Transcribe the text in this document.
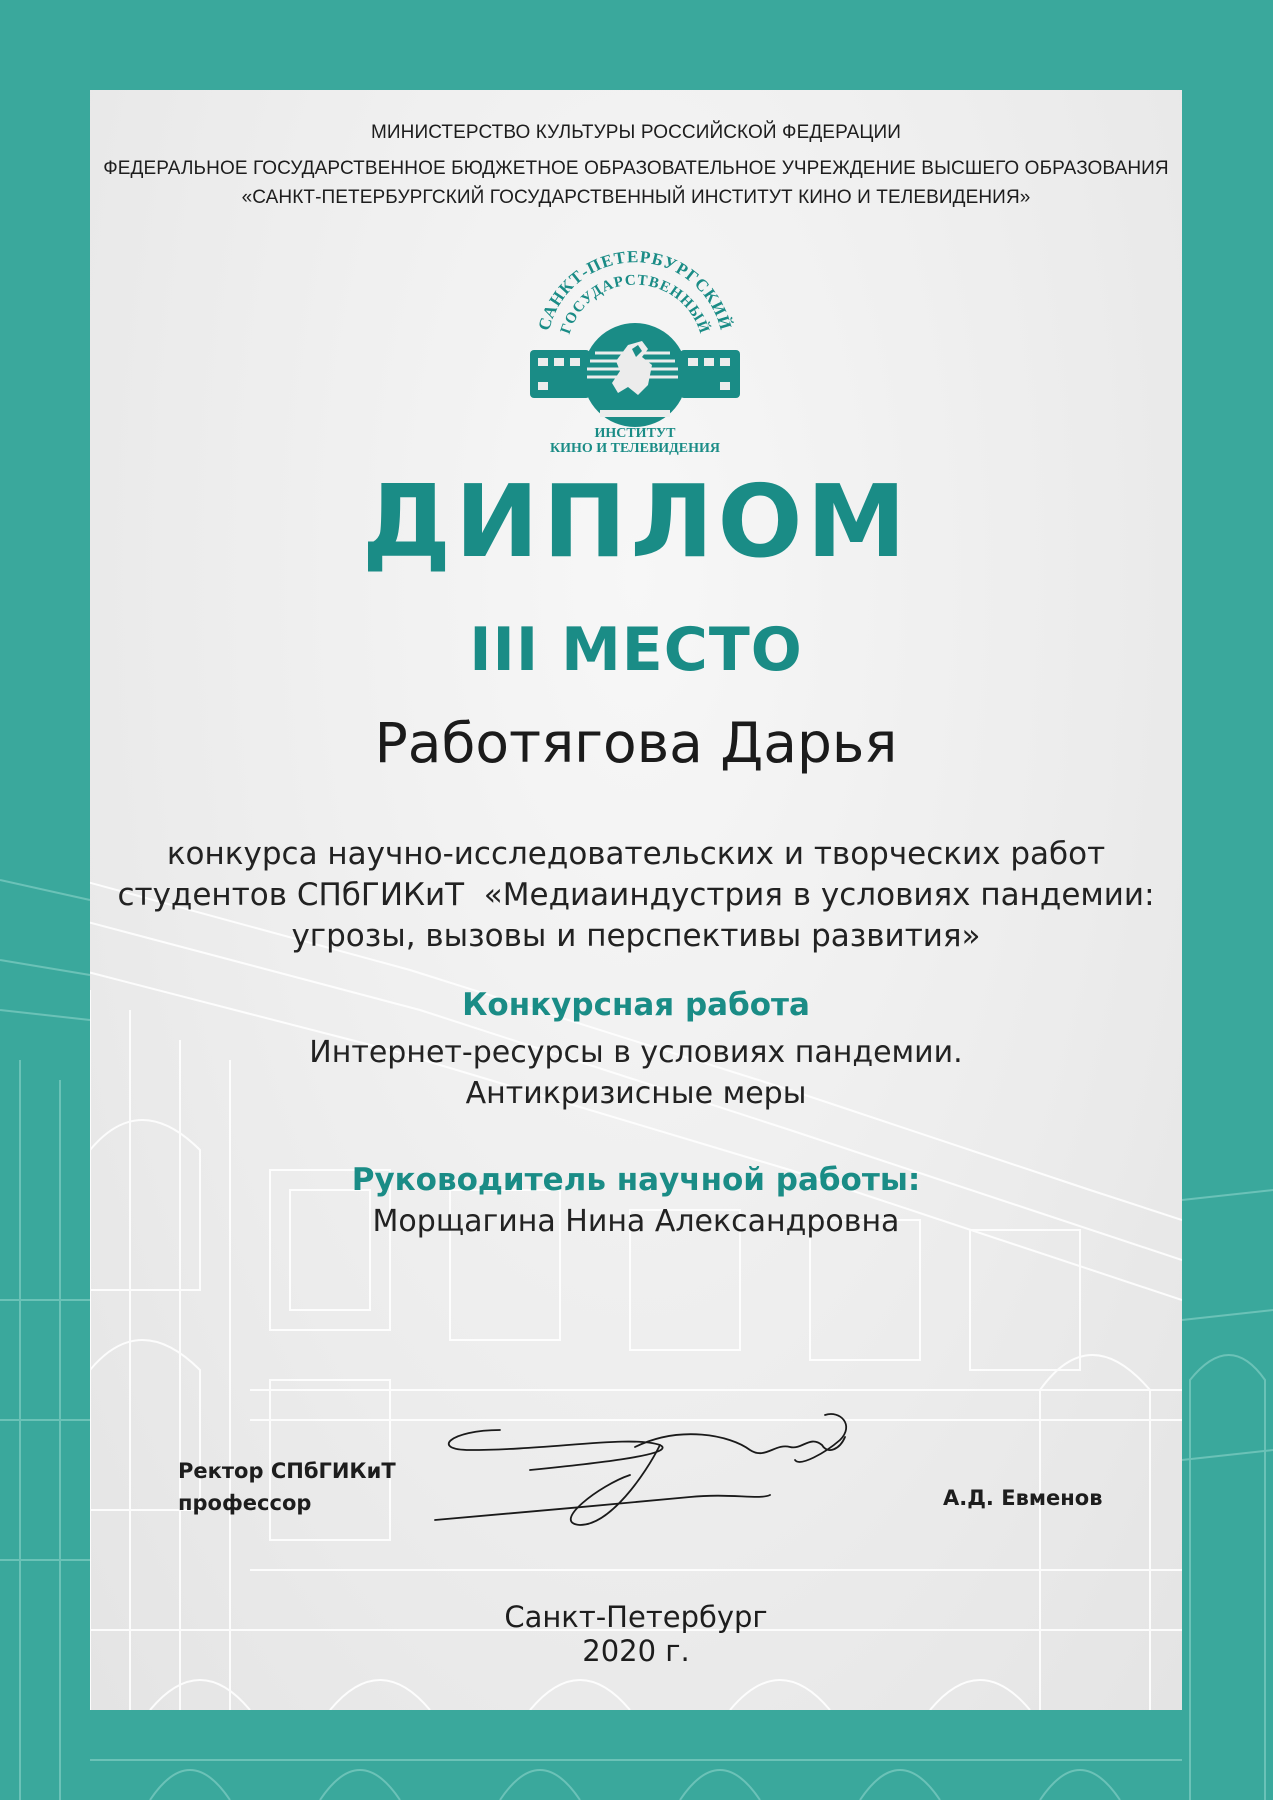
МИНИСТЕРСТВО КУЛЬТУРЫ РОССИЙСКОЙ ФЕДЕРАЦИИ
ФЕДЕРАЛЬНОЕ ГОСУДАРСТВЕННОЕ БЮДЖЕТНОЕ ОБРАЗОВАТЕЛЬНОЕ УЧРЕЖДЕНИЕ ВЫСШЕГО ОБРАЗОВАНИЯ
«САНКТ-ПЕТЕРБУРГСКИЙ ГОСУДАРСТВЕННЫЙ ИНСТИТУТ КИНО И ТЕЛЕВИДЕНИЯ»
САНКТ-ПЕТЕРБУРГСКИЙ
ГОСУДАРСТВЕННЫЙ
ИНСТИТУТ
КИНО И ТЕЛЕВИДЕНИЯ
ДИПЛОМ
III МЕСТО
Работягова Дарья
конкурса научно-исследовательских и творческих работ
студентов СПбГИКиТ  «Медиаиндустрия в условиях пандемии:
угрозы, вызовы и перспективы развития»
Конкурсная работа
Интернет-ресурсы в условиях пандемии.
Антикризисные меры
Руководитель научной работы:
Морщагина Нина Александровна
Ректор СПбГИКиТ
профессор	А.Д. Евменов
Санкт-Петербург
2020 г.
